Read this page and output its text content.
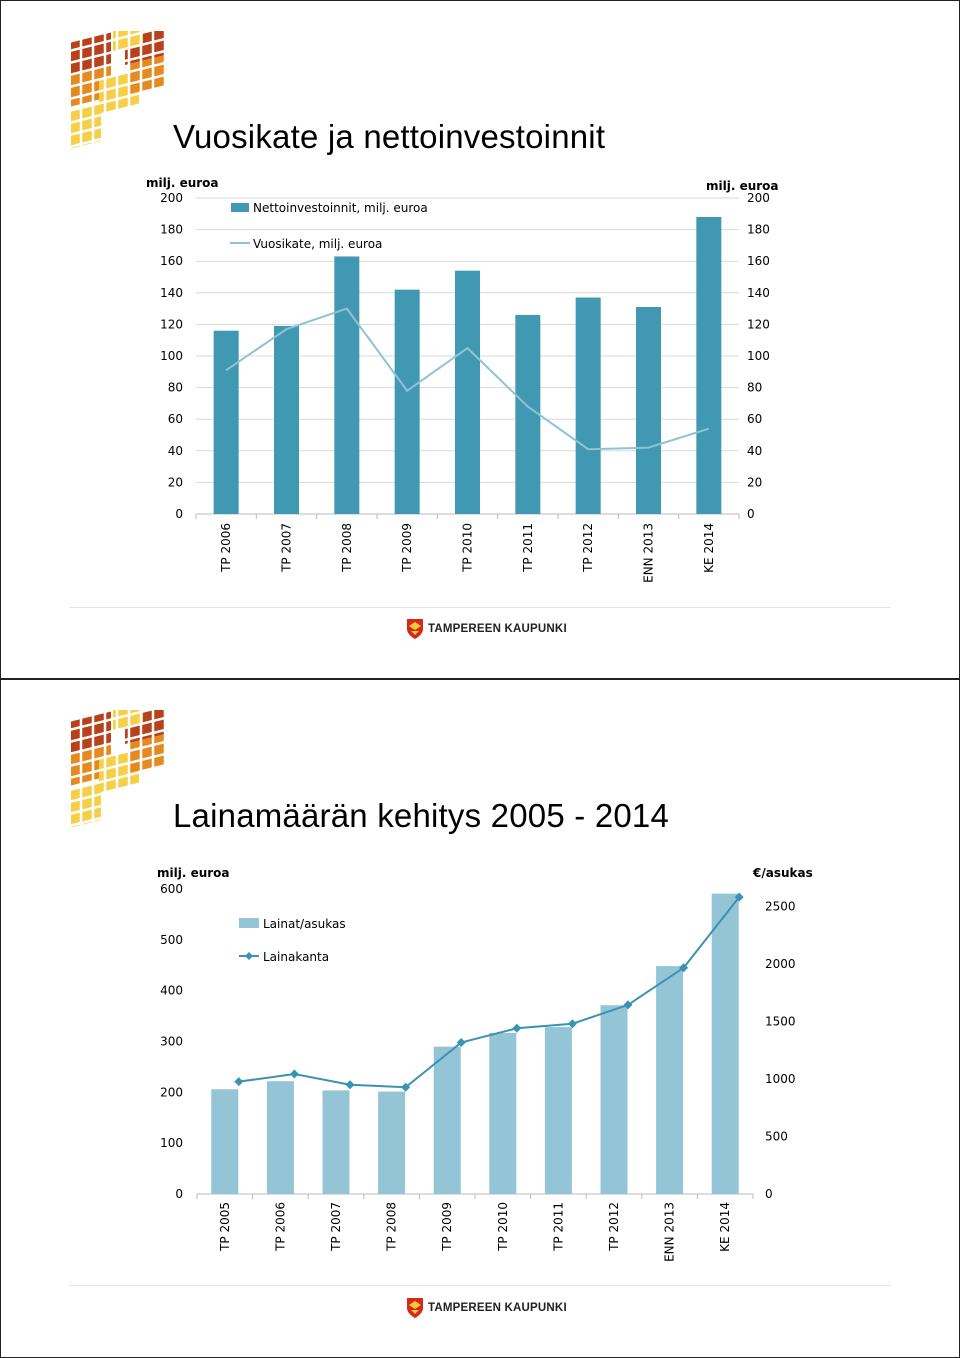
Vuosikate ja nettoinvestoinnit
milj. euroa	milj. euroa
0	0
20	20
40	40
60	60
80	80
100	100
120	120
140	140
160	160
180	180
200	200
TP 2006	TP 2007	TP 2008	TP 2009	TP 2010	TP 2011	TP 2012	ENN 2013	KE 2014
Nettoinvestoinnit, milj. euroa
Vuosikate, milj. euroa
TAMPEREEN KAUPUNKI
Lainamäärän kehitys 2005 - 2014
milj. euroa	€/asukas
0
100
200
300
400
500
600
0
500
1000
1500
2000
2500
TP 2005	TP 2006	TP 2007	TP 2008	TP 2009	TP 2010	TP 2011	TP 2012	ENN 2013	KE 2014
Lainat/asukas
Lainakanta
TAMPEREEN KAUPUNKI
